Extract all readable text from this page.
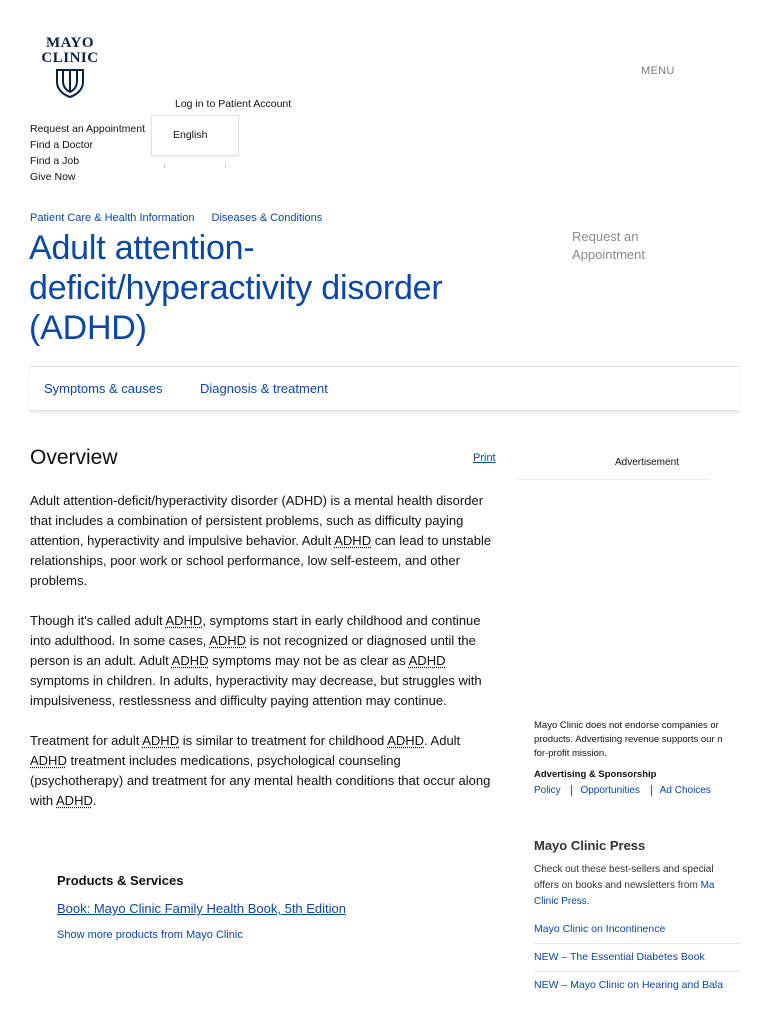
MAYO
CLINIC
MENU
Log in to Patient Account
Request an Appointment
Find a Doctor
Find a Job
Give Now
English
Patient Care & Health Information Diseases & Conditions
Adult attention-deficit/hyperactivity disorder (ADHD)
Request an Appointment
Symptoms & causes	Diagnosis & treatment
Overview	Print

Adult attention-deficit/hyperactivity disorder (ADHD) is a mental health disorder that includes a combination of persistent problems, such as difficulty paying attention, hyperactivity and impulsive behavior. Adult ADHD can lead to unstable relationships, poor work or school performance, low self-esteem, and other problems.

Though it's called adult ADHD, symptoms start in early childhood and continue into adulthood. In some cases, ADHD is not recognized or diagnosed until the person is an adult. Adult ADHD symptoms may not be as clear as ADHD symptoms in children. In adults, hyperactivity may decrease, but struggles with impulsiveness, restlessness and difficulty paying attention may continue.

Treatment for adult ADHD is similar to treatment for childhood ADHD. Adult ADHD treatment includes medications, psychological counseling (psychotherapy) and treatment for any mental health conditions that occur along with ADHD.

Products & Services
Book: Mayo Clinic Family Health Book, 5th Edition
Show more products from Mayo Clinic
Advertisement
Mayo Clinic does not endorse companies or
products. Advertising revenue supports our n
for-profit mission.
Advertising & Sponsorship
Policy Opportunities Ad Choices
Mayo Clinic Press
Check out these best-sellers and special
offers on books and newsletters from Ma
Clinic Press.
Mayo Clinic on Incontinence
NEW – The Essential Diabetes Book
NEW – Mayo Clinic on Hearing and Bala
